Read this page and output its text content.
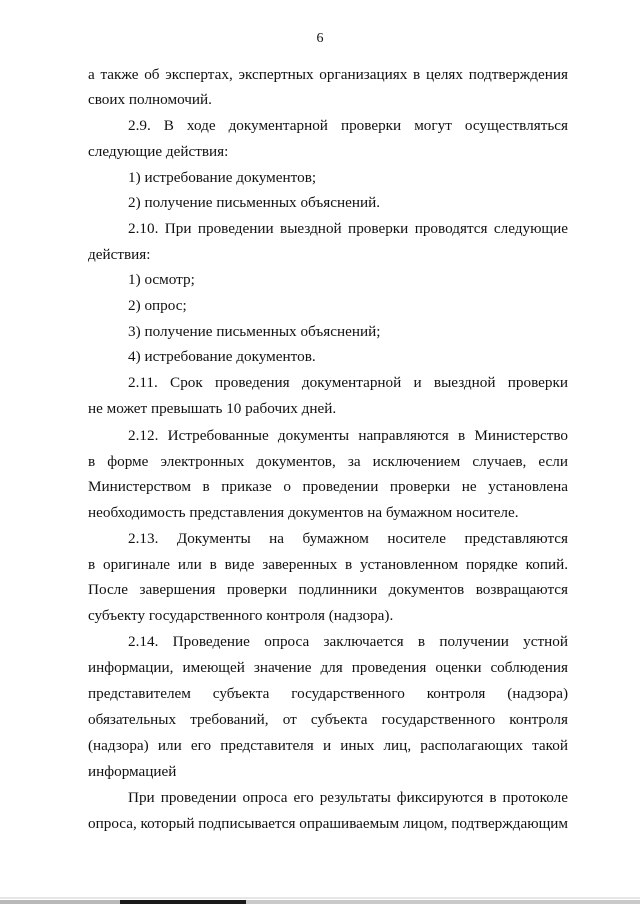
6
а также об экспертах, экспертных организациях в целях подтверждения
своих полномочий.
2.9. В ходе документарной проверки могут осуществляться
следующие действия:
1) истребование документов;
2) получение письменных объяснений.
2.10. При проведении выездной проверки проводятся следующие
действия:
1) осмотр;
2) опрос;
3) получение письменных объяснений;
4) истребование документов.
2.11. Срок проведения документарной и выездной проверки
не может превышать 10 рабочих дней.
2.12. Истребованные документы направляются в Министерство
в форме электронных документов, за исключением случаев, если
Министерством в приказе о проведении проверки не установлена
необходимость представления документов на бумажном носителе.
2.13. Документы на бумажном носителе представляются
в оригинале или в виде заверенных в установленном порядке копий.
После завершения проверки подлинники документов возвращаются
субъекту государственного контроля (надзора).
2.14. Проведение опроса заключается в получении устной
информации, имеющей значение для проведения оценки соблюдения
представителем субъекта государственного контроля (надзора)
обязательных требований, от субъекта государственного контроля
(надзора) или его представителя и иных лиц, располагающих такой
информацией
При проведении опроса его результаты фиксируются в протоколе
опроса, который подписывается опрашиваемым лицом, подтверждающим
